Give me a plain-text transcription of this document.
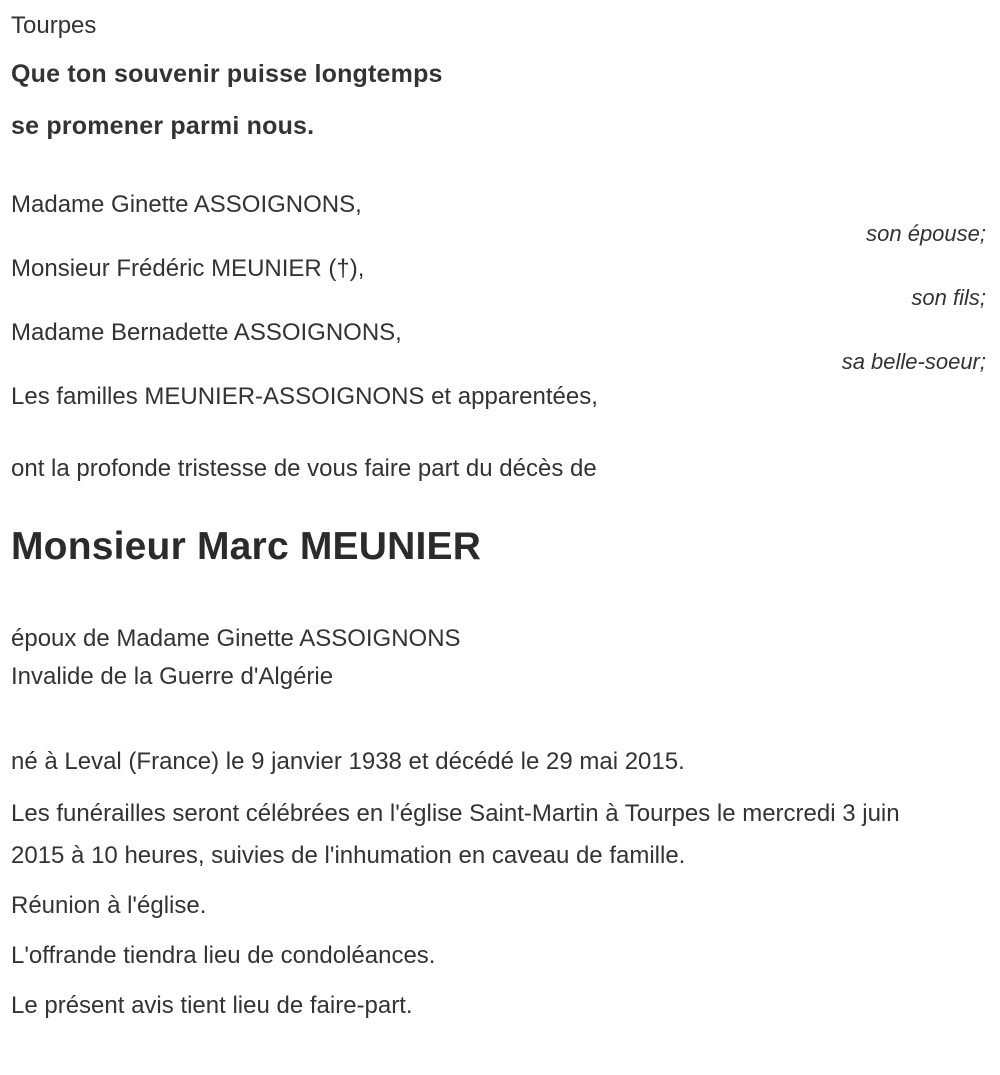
Tourpes
Que ton souvenir puisse longtemps
se promener parmi nous.
Madame Ginette ASSOIGNONS,
son épouse;
Monsieur Frédéric MEUNIER (†),
son fils;
Madame Bernadette ASSOIGNONS,
sa belle-soeur;
Les familles MEUNIER-ASSOIGNONS et apparentées,
ont la profonde tristesse de vous faire part du décès de
Monsieur Marc MEUNIER
époux de Madame Ginette ASSOIGNONS
Invalide de la Guerre d'Algérie
né à Leval (France) le 9 janvier 1938 et décédé le 29 mai 2015.
Les funérailles seront célébrées en l'église Saint-Martin à Tourpes le mercredi 3 juin 2015 à 10 heures, suivies de l'inhumation en caveau de famille.
Réunion à l'église.
L'offrande tiendra lieu de condoléances.
Le présent avis tient lieu de faire-part.
